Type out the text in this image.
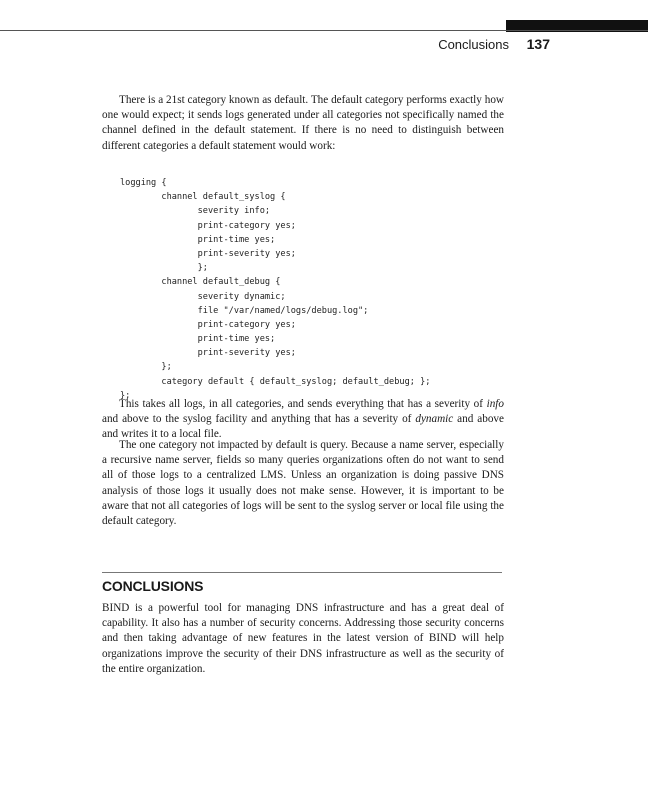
Conclusions 137

There is a 21st category known as default. The default category performs exactly how one would expect; it sends logs generated under all categories not specifically named the channel defined in the default statement. If there is no need to distinguish between different categories a default statement would work:

logging {
channel default_syslog {
severity info;
print-category yes;
print-time yes;
print-severity yes;
};
channel default_debug {
severity dynamic;
file "/var/named/logs/debug.log";
print-category yes;
print-time yes;
print-severity yes;
};
category default { default_syslog; default_debug; };
};

This takes all logs, in all categories, and sends everything that has a severity of info and above to the syslog facility and anything that has a severity of dynamic and above and writes it to a local file.

The one category not impacted by default is query. Because a name server, especially a recursive name server, fields so many queries organizations often do not want to send all of those logs to a centralized LMS. Unless an organization is doing passive DNS analysis of those logs it usually does not make sense. However, it is important to be aware that not all categories of logs will be sent to the syslog server or local file using the default category.

CONCLUSIONS

BIND is a powerful tool for managing DNS infrastructure and has a great deal of capability. It also has a number of security concerns. Addressing those security concerns and then taking advantage of new features in the latest version of BIND will help organizations improve the security of their DNS infrastructure as well as the security of the entire organization.
